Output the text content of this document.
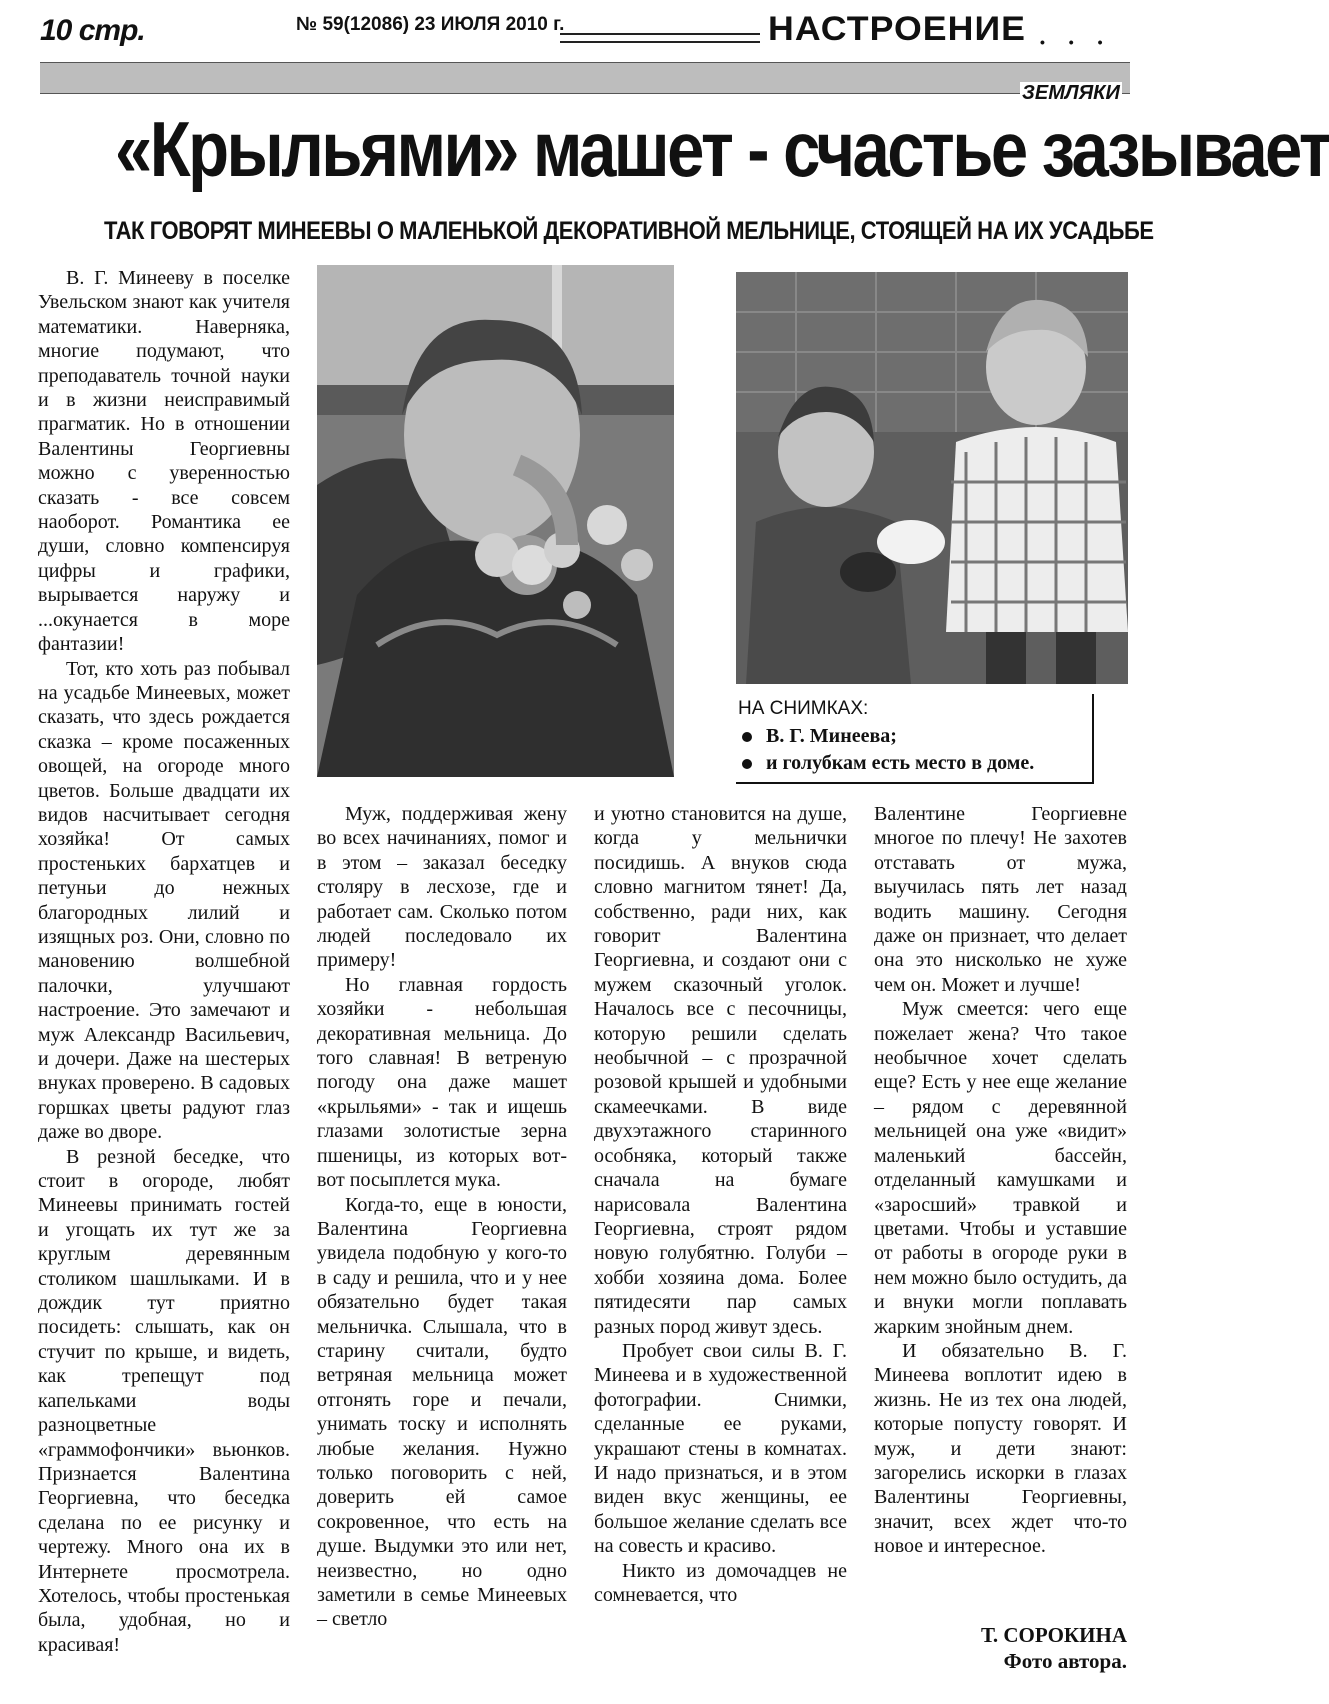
10 стр.	№ 59(12086) 23 ИЮЛЯ 2010 г.	НАСТРОЕНИЕ • • •
ЗЕМЛЯКИ
«Крыльями» машет - счастье зазывает
ТАК ГОВОРЯТ МИНЕЕВЫ О МАЛЕНЬКОЙ ДЕКОРАТИВНОЙ МЕЛЬНИЦЕ, СТОЯЩЕЙ НА ИХ УСАДЬБЕ
НА СНИМКАХ:
В. Г. Минеева;
и голубкам есть место в доме.

В. Г. Минееву в поселке Увельском знают как учителя математики. Наверняка, многие подумают, что преподаватель точной науки и в жизни неисправимый прагматик. Но в отношении Валентины Георгиевны можно с уверенностью сказать - все совсем наоборот. Романтика ее души, словно компенсируя цифры и графики, вырывается наружу и ...окунается в море фантазии!

Тот, кто хоть раз побывал на усадьбе Минеевых, может сказать, что здесь рождается сказка – кроме посаженных овощей, на огороде много цветов. Больше двадцати их видов насчитывает сегодня хозяйка! От самых простеньких бархатцев и петуньи до нежных благородных лилий и изящных роз. Они, словно по мановению волшебной палочки, улучшают настроение. Это замечают и муж Александр Васильевич, и дочери. Даже на шестерых внуках проверено. В садовых горшках цветы радуют глаз даже во дворе.

В резной беседке, что стоит в огороде, любят Минеевы принимать гостей и угощать их тут же за круглым деревянным столиком шашлыками. И в дождик тут приятно посидеть: слышать, как он стучит по крыше, и видеть, как трепещут под капельками воды разноцветные «граммофончики» вьюнков. Признается Валентина Георгиевна, что беседка сделана по ее рисунку и чертежу. Много она их в Интернете просмотрела. Хотелось, чтобы простенькая была, удобная, но и красивая!

Муж, поддерживая жену во всех начинаниях, помог и в этом – заказал беседку столяру в лесхозе, где и работает сам. Сколько потом людей последовало их примеру!

Но главная гордость хозяйки - небольшая декоративная мельница. До того славная! В ветреную погоду она даже машет «крыльями» - так и ищешь глазами золотистые зерна пшеницы, из которых вот-вот посыплется мука.

Когда-то, еще в юности, Валентина Георгиевна увидела подобную у кого-то в саду и решила, что и у нее обязательно будет такая мельничка. Слышала, что в старину считали, будто ветряная мельница может отгонять горе и печали, унимать тоску и исполнять любые желания. Нужно только поговорить с ней, доверить ей самое сокровенное, что есть на душе. Выдумки это или нет, неизвестно, но одно заметили в семье Минеевых – светло

и уютно становится на душе, когда у мельнички посидишь. А внуков сюда словно магнитом тянет! Да, собственно, ради них, как говорит Валентина Георгиевна, и создают они с мужем сказочный уголок. Началось все с песочницы, которую решили сделать необычной – с прозрачной розовой крышей и удобными скамеечками. В виде двухэтажного старинного особняка, который также сначала на бумаге нарисовала Валентина Георгиевна, строят рядом новую голубятню. Голуби – хобби хозяина дома. Более пятидесяти пар самых разных пород живут здесь.

Пробует свои силы В. Г. Минеева и в художественной фотографии. Снимки, сделанные ее руками, украшают стены в комнатах. И надо признаться, и в этом виден вкус женщины, ее большое желание сделать все на совесть и красиво.

Никто из домочадцев не сомневается, что

Валентине Георгиевне многое по плечу! Не захотев отставать от мужа, выучилась пять лет назад водить машину. Сегодня даже он признает, что делает она это нисколько не хуже чем он. Может и лучше!

Муж смеется: чего еще пожелает жена? Что такое необычное хочет сделать еще? Есть у нее еще желание – рядом с деревянной мельницей она уже «видит» маленький бассейн, отделанный камушками и «заросший» травкой и цветами. Чтобы и уставшие от работы в огороде руки в нем можно было остудить, да и внуки могли поплавать жарким знойным днем.

И обязательно В. Г. Минеева воплотит идею в жизнь. Не из тех она людей, которые попусту говорят. И муж, и дети знают: загорелись искорки в глазах Валентины Георгиевны, значит, всех ждет что-то новое и интересное.

Т. СОРОКИНА
Фото автора.
